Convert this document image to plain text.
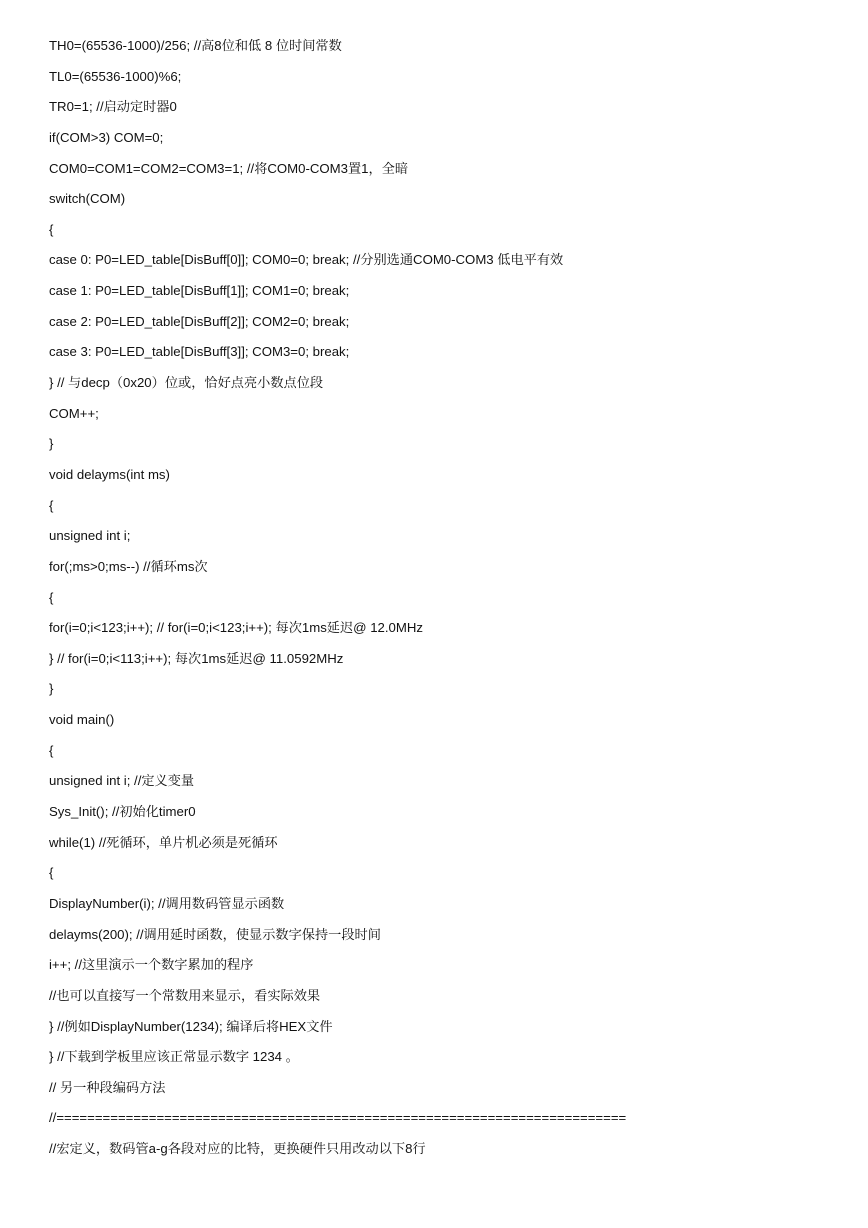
TH0=(65536-1000)/256; //高8位和低 8 位时间常数
TL0=(65536-1000)%6;
TR0=1; //启动定时器0
if(COM>3) COM=0;
COM0=COM1=COM2=COM3=1; //将COM0-COM3置1，全暗
switch(COM)
{
case 0: P0=LED_table[DisBuff[0]]; COM0=0; break; //分别选通COM0-COM3 低电平有效
case 1: P0=LED_table[DisBuff[1]]; COM1=0; break;
case 2: P0=LED_table[DisBuff[2]]; COM2=0; break;
case 3: P0=LED_table[DisBuff[3]]; COM3=0; break;
} // 与decp（0x20）位或，恰好点亮小数点位段
COM++;
}
void delayms(int ms)
{
unsigned int i;
for(;ms>0;ms--) //循环ms次
{
for(i=0;i<123;i++); // for(i=0;i<123;i++); 每次1ms延迟@ 12.0MHz
} // for(i=0;i<113;i++); 每次1ms延迟@ 11.0592MHz
}
void main()
{
unsigned int i; //定义变量
Sys_Init(); //初始化timer0
while(1) //死循环，单片机必须是死循环
{
DisplayNumber(i); //调用数码管显示函数
delayms(200); //调用延时函数，使显示数字保持一段时间
i++; //这里演示一个数字累加的程序
//也可以直接写一个常数用来显示，看实际效果
} //例如DisplayNumber(1234); 编译后将HEX文件
} //下载到学板里应该正常显示数字 1234 。
// 另一种段编码方法
//==========================================================================
//宏定义，数码管a-g各段对应的比特，更换硬件只用改动以下8行
